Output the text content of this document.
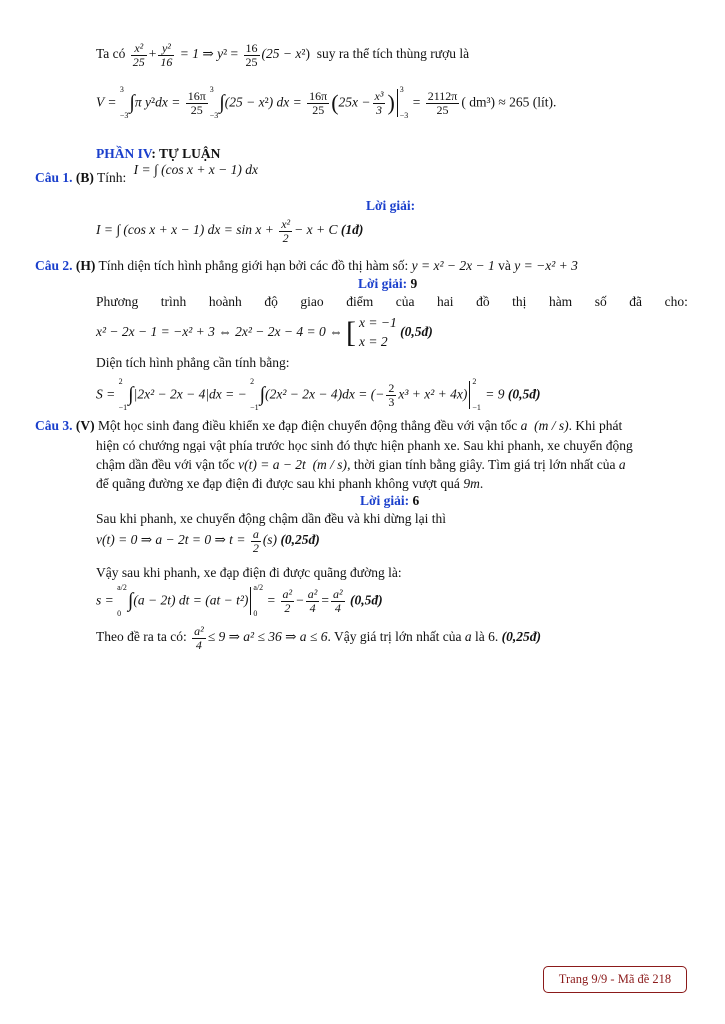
Ta có $\frac{\text{x²}}{25} + \frac{\text{y²}}{16} = 1$ ⇒ $y^2 = \frac{16}{25} (25 - x^2)$ suy ra thể tích thùng rượu là
V = 3

−3∫π $y^2dx = \frac{16\pi}{25}$
3

−3∫(25 − x²) dx = $\frac{16\pi}{25} (25x - \frac{\text{x³}}{3} )3$

$-3 = \frac{2112\pi}{25}$ ( dm³) ≈ 265 (lít).
PHẦN IV: TỰ LUẬN
Câu 1. (B) Tính: I = ∫ (cos x + x − 1) dx
Lời giải:
I = ∫ (cos x + x − 1) dx = $\sin x + \frac{\text{x²}}{2} - x + C$ (1đ)
Câu 2. (H) Tính diện tích hình phẳng giới hạn bởi các đồ thị hàm số: y = x² − 2x − 1 và y = −x² + 3
Lời giải: 9
Phương trình hoành độ giao điểm của hai đồ thị hàm số đã cho:
x² − 2x − 1 = −x² + 3 ⇔ 2x² − 2x − 4 = 0 ⇔ [ x = −1
x = 2
(0,5đ)
Diện tích hình phẳng cần tính bằng:
S = 2

−1∫|2x² − 2x − 4|dx = − 2

−1∫(2x² − 2x − 4)dx = (− $\frac{2}{3} x^3 + x^2 + 4x)2$

−1 = 9 (0,5đ)
Câu 3. (V) Một học sinh đang điều khiển xe đạp điện chuyển động thẳng đều với vận tốc a (m / s). Khi phát
hiện có chướng ngại vật phía trước học sinh đó thực hiện phanh xe. Sau khi phanh, xe chuyển động
chậm dần đều với vận tốc v(t) = a − 2t (m / s), thời gian tính bằng giây. Tìm giá trị lớn nhất của a
để quãng đường xe đạp điện đi được sau khi phanh không vượt quá 9m.
Lời giải: 6
Sau khi phanh, xe chuyển động chậm dần đều và khi dừng lại thì
v(t) = 0 ⇒ a − 2t = 0 ⇒ $t = \frac{a}{2} (s)$ (0,25đ)
Vậy sau khi phanh, xe đạp điện đi được quãng đường là:
s = a/2

0∫(a − 2t) dt = (at − t²)a/2

$0 = \frac{\text{a²}}{2} - \frac{\text{a²}}{4} = \frac{\text{a²}}{4}$ (0,5đ)
Theo đề ra ta có: $\frac{\text{a²}}{4} \le 9$ ⇒ a² ≤ 36 ⇒ a ≤ 6. Vậy giá trị lớn nhất của a là 6. (0,25đ)
Trang 9/9 - Mã đề 218
